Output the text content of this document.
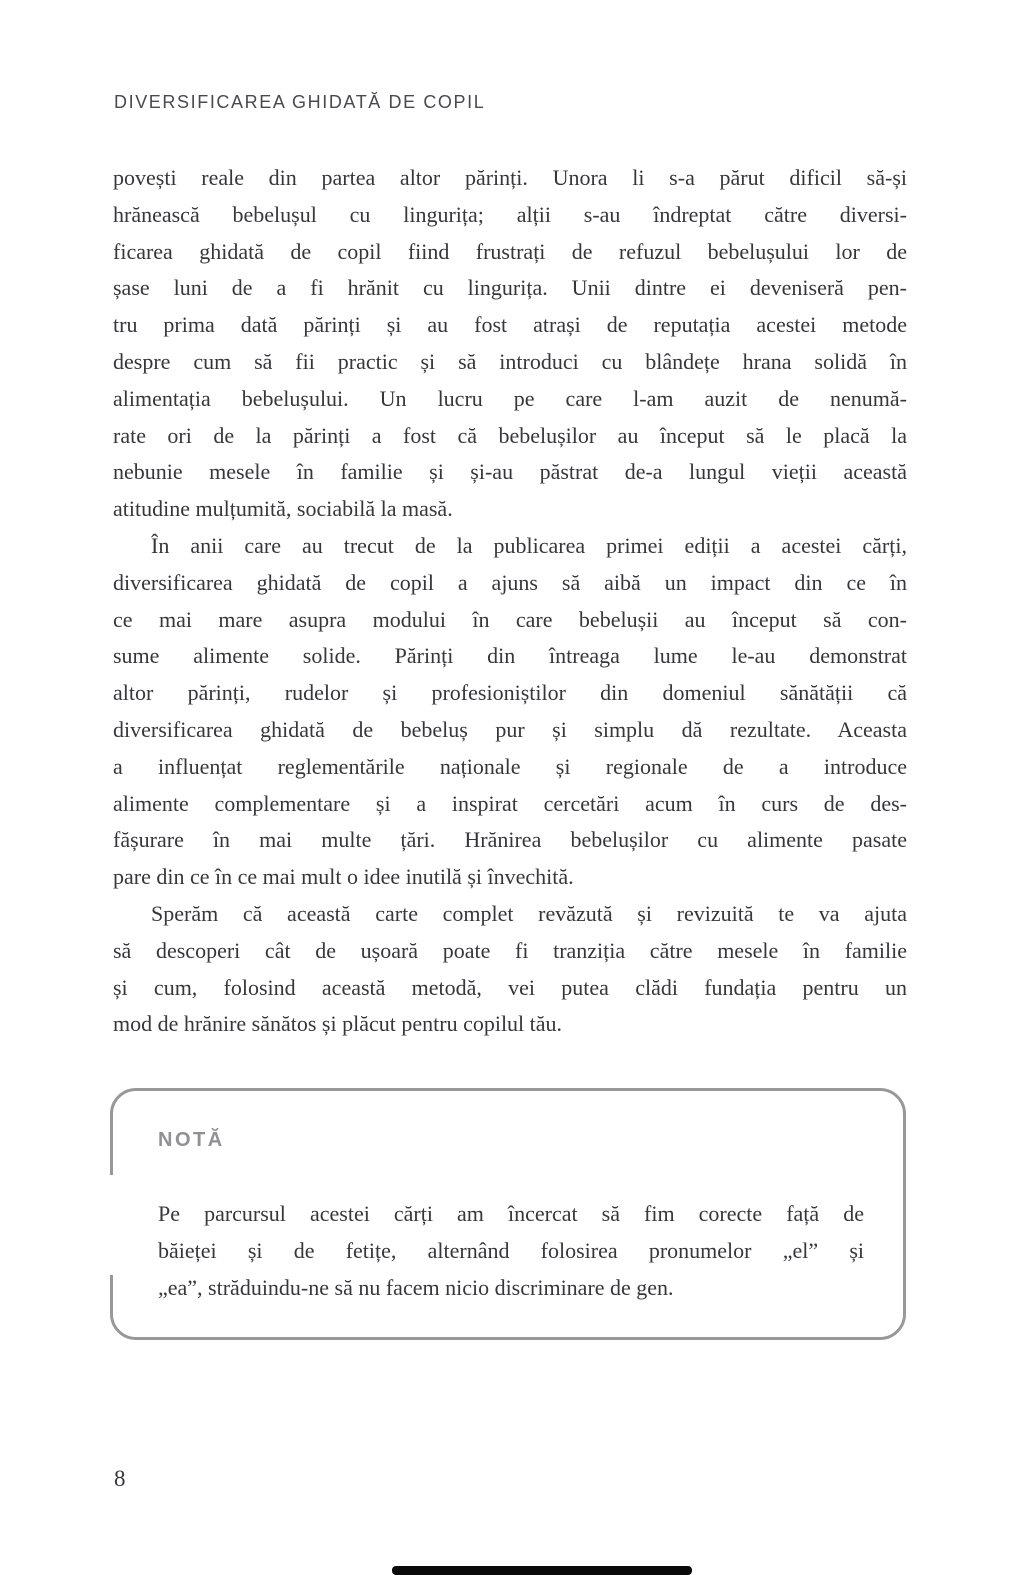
DIVERSIFICAREA GHIDATĂ DE COPIL
povești reale din partea altor părinți. Unora li s-a părut dificil să-și
hrănească bebelușul cu lingurița; alții s-au îndreptat către diversi-
ficarea ghidată de copil fiind frustrați de refuzul bebelușului lor de
șase luni de a fi hrănit cu lingurița. Unii dintre ei deveniseră pen-
tru prima dată părinți și au fost atrași de reputația acestei metode
despre cum să fii practic și să introduci cu blândețe hrana solidă în
alimentația bebelușului. Un lucru pe care l-am auzit de nenumă-
rate ori de la părinți a fost că bebelușilor au început să le placă la
nebunie mesele în familie și și-au păstrat de-a lungul vieții această
atitudine mulțumită, sociabilă la masă.
În anii care au trecut de la publicarea primei ediții a acestei cărți,
diversificarea ghidată de copil a ajuns să aibă un impact din ce în
ce mai mare asupra modului în care bebelușii au început să con-
sume alimente solide. Părinți din întreaga lume le-au demonstrat
altor părinți, rudelor și profesioniștilor din domeniul sănătății că
diversificarea ghidată de bebeluș pur și simplu dă rezultate. Aceasta
a influențat reglementările naționale și regionale de a introduce
alimente complementare și a inspirat cercetări acum în curs de des-
fășurare în mai multe țări. Hrănirea bebelușilor cu alimente pasate
pare din ce în ce mai mult o idee inutilă și învechită.
Sperăm că această carte complet revăzută și revizuită te va ajuta
să descoperi cât de ușoară poate fi tranziția către mesele în familie
și cum, folosind această metodă, vei putea clădi fundația pentru un
mod de hrănire sănătos și plăcut pentru copilul tău.
NOTĂ
Pe parcursul acestei cărți am încercat să fim corecte față de
băieței și de fetițe, alternând folosirea pronumelor „el” și
„ea”, străduindu-ne să nu facem nicio discriminare de gen.
8
